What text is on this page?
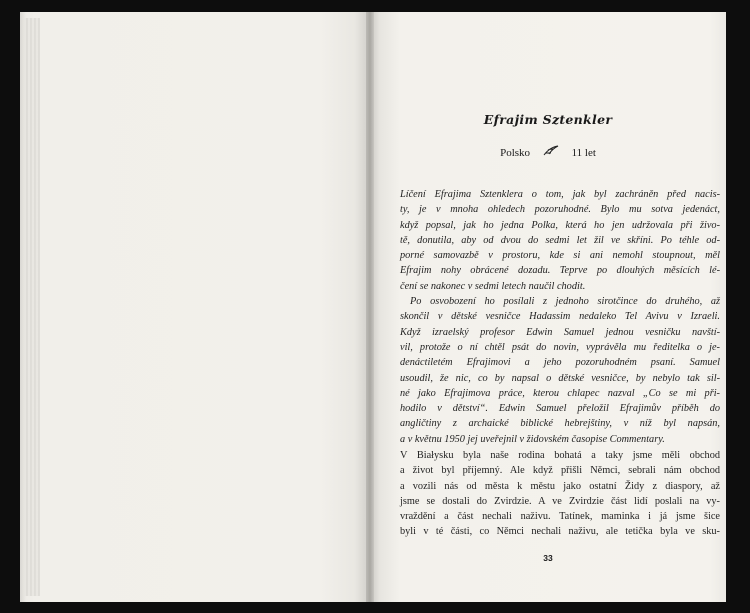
Efrajim Sztenkler
Polsko	11 let
Líčení Efrajima Sztenklera o tom, jak byl zachráněn před nacis-
ty, je v mnoha ohledech pozoruhodné. Bylo mu sotva jedenáct,
když popsal, jak ho jedna Polka, která ho jen udržovala při živo-
tě, donutila, aby od dvou do sedmi let žil ve skříni. Po téhle od-
porné samovazbě v prostoru, kde si ani nemohl stoupnout, měl
Efrajim nohy obrácené dozadu. Teprve po dlouhých měsících lé-
čení se nakonec v sedmi letech naučil chodit.
Po osvobození ho posílali z jednoho sirotčince do druhého, až
skončil v dětské vesničce Hadassim nedaleko Tel Avivu v Izraeli.
Když izraelský profesor Edwin Samuel jednou vesničku navští-
vil, protože o ní chtěl psát do novin, vyprávěla mu ředitelka o je-
denáctiletém Efrajimovi a jeho pozoruhodném psaní. Samuel
usoudil, že nic, co by napsal o dětské vesničce, by nebylo tak sil-
né jako Efrajimova práce, kterou chlapec nazval „Co se mi při-
hodilo v dětství“. Edwin Samuel přeložil Efrajimův příběh do
angličtiny z archaické biblické hebrejštiny, v níž byl napsán,
a v květnu 1950 jej uveřejnil v židovském časopise Commentary.
V Białysku byla naše rodina bohatá a taky jsme měli obchod
a život byl příjemný. Ale když přišli Němci, sebrali nám obchod
a vozili nás od města k městu jako ostatní Židy z diaspory, až
jsme se dostali do Zvirdzie. A ve Zvirdzie část lidí poslali na vy-
vraždění a část nechali naživu. Tatínek, maminka i já jsme šice
byli v té části, co Němci nechali naživu, ale tetička byla ve sku-
33
